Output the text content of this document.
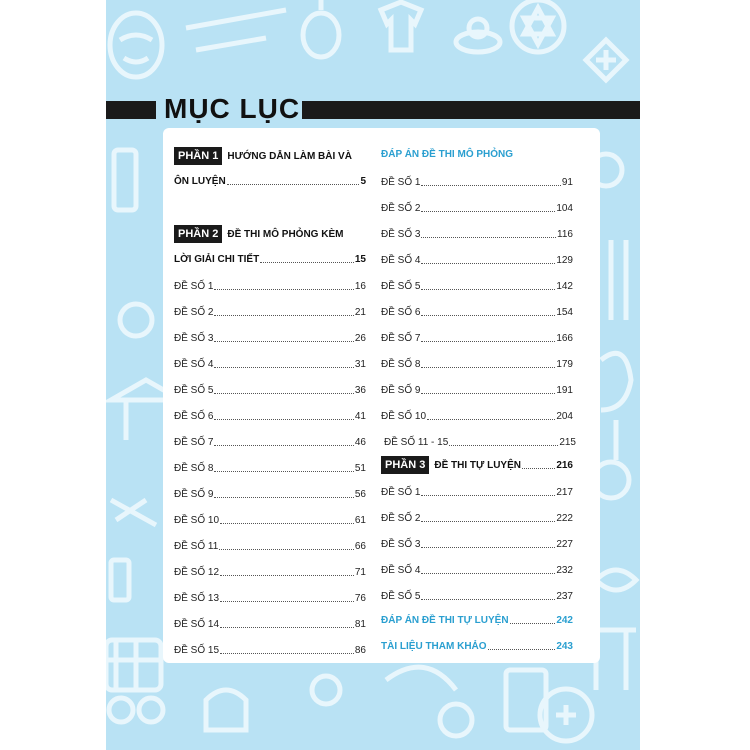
MỤC LỤC
PHẦN 1 HƯỚNG DẪN LÀM BÀI VÀ
ÔN LUYỆN	5
PHẦN 2 ĐỀ THI MÔ PHỎNG KÈM
LỜI GIẢI CHI TIẾT	15
ĐỀ SỐ 1	16
ĐỀ SỐ 2	21
ĐỀ SỐ 3	26
ĐỀ SỐ 4	31
ĐỀ SỐ 5	36
ĐỀ SỐ 6	41
ĐỀ SỐ 7	46
ĐỀ SỐ 8	51
ĐỀ SỐ 9	56
ĐỀ SỐ 10	61
ĐỀ SỐ 11	66
ĐỀ SỐ 12	71
ĐỀ SỐ 13	76
ĐỀ SỐ 14	81
ĐỀ SỐ 15	86
ĐÁP ÁN ĐỀ THI MÔ PHỎNG
ĐỀ SỐ 1	91
ĐỀ SỐ 2	104
ĐỀ SỐ 3	116
ĐỀ SỐ 4	129
ĐỀ SỐ 5	142
ĐỀ SỐ 6	154
ĐỀ SỐ 7	166
ĐỀ SỐ 8	179
ĐỀ SỐ 9	191
ĐỀ SỐ 10	204
ĐỀ SỐ 11 - 15	215
PHẦN 3 ĐỀ THI TỰ LUYỆN	216
ĐỀ SỐ 1	217
ĐỀ SỐ 2	222
ĐỀ SỐ 3	227
ĐỀ SỐ 4	232
ĐỀ SỐ 5	237
ĐÁP ÁN ĐỀ THI TỰ LUYỆN	242
TÀI LIỆU THAM KHẢO	243
